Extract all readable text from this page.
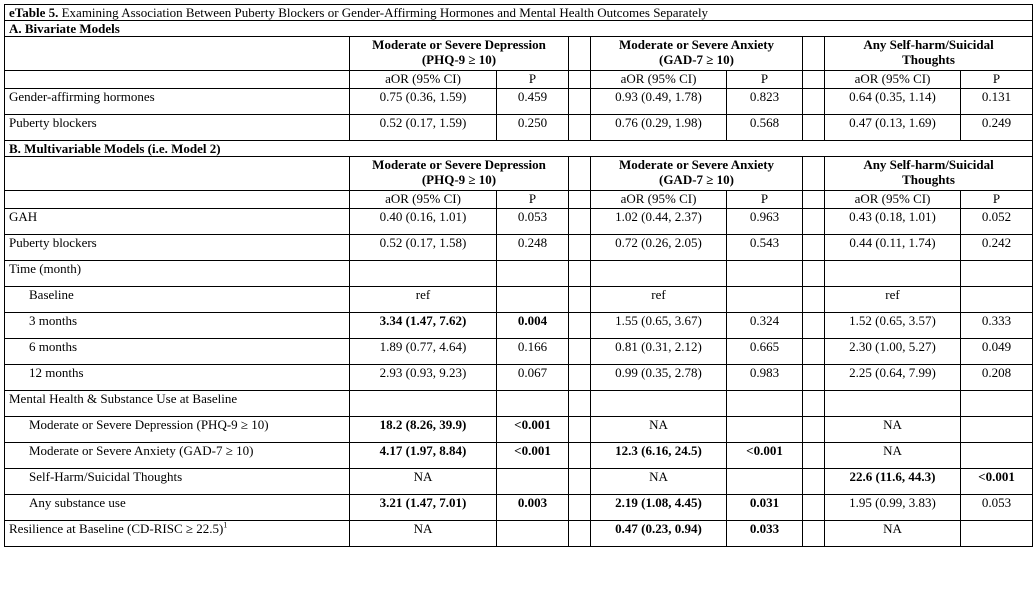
eTable 5. Examining Association Between Puberty Blockers or Gender-Affirming Hormones and Mental Health Outcomes Separately								
A. Bivariate Models								
	Moderate or Severe Depression (PHQ-9 ≥ 10)			Moderate or Severe Anxiety (GAD-7 ≥ 10)			Any Self-harm/Suicidal Thoughts	
	aOR (95% CI)	P		aOR (95% CI)	P		aOR (95% CI)	P
Gender-affirming hormones	0.75 (0.36, 1.59)	0.459		0.93 (0.49, 1.78)	0.823		0.64 (0.35, 1.14)	0.131
Puberty blockers	0.52 (0.17, 1.59)	0.250		0.76 (0.29, 1.98)	0.568		0.47 (0.13, 1.69)	0.249
B. Multivariable Models (i.e. Model 2)								
	Moderate or Severe Depression (PHQ-9 ≥ 10)			Moderate or Severe Anxiety (GAD-7 ≥ 10)			Any Self-harm/Suicidal Thoughts	
	aOR (95% CI)	P		aOR (95% CI)	P		aOR (95% CI)	P
GAH	0.40 (0.16, 1.01)	0.053		1.02 (0.44, 2.37)	0.963		0.43 (0.18, 1.01)	0.052
Puberty blockers	0.52 (0.17, 1.58)	0.248		0.72 (0.26, 2.05)	0.543		0.44 (0.11, 1.74)	0.242
Time (month)								
Baseline	ref			ref			ref	
3 months	3.34 (1.47, 7.62)	0.004		1.55 (0.65, 3.67)	0.324		1.52 (0.65, 3.57)	0.333
6 months	1.89 (0.77, 4.64)	0.166		0.81 (0.31, 2.12)	0.665		2.30 (1.00, 5.27)	0.049
12 months	2.93 (0.93, 9.23)	0.067		0.99 (0.35, 2.78)	0.983		2.25 (0.64, 7.99)	0.208
Mental Health & Substance Use at Baseline								
Moderate or Severe Depression (PHQ-9 ≥ 10)	18.2 (8.26, 39.9)	<0.001		NA			NA	
Moderate or Severe Anxiety (GAD-7 ≥ 10)	4.17 (1.97, 8.84)	<0.001		12.3 (6.16, 24.5)	<0.001		NA	
Self-Harm/Suicidal Thoughts	NA			NA			22.6 (11.6, 44.3)	<0.001
Any substance use	3.21 (1.47, 7.01)	0.003		2.19 (1.08, 4.45)	0.031		1.95 (0.99, 3.83)	0.053
Resilience at Baseline (CD-RISC ≥ 22.5)$^1$	NA			0.47 (0.23, 0.94)	0.033		NA	
